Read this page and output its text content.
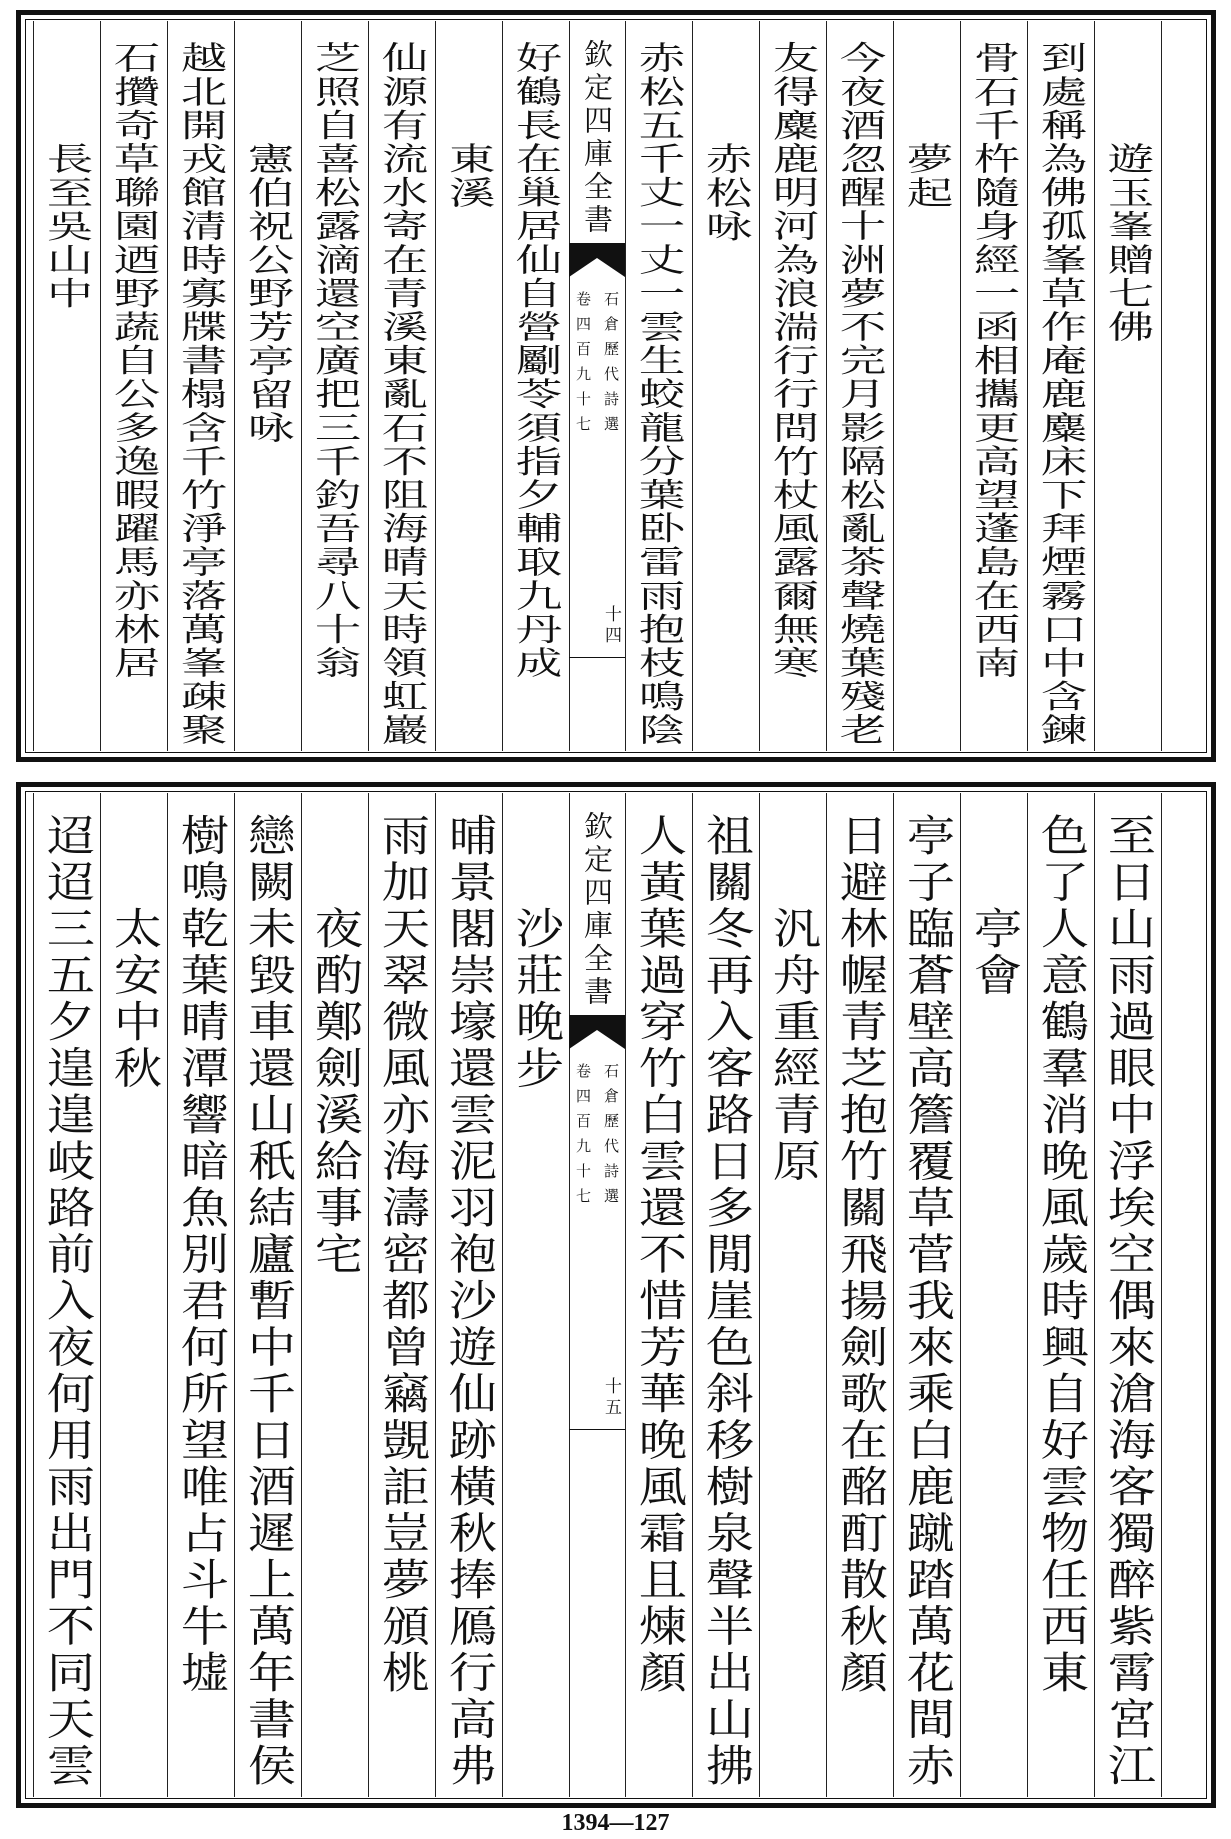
遊玉峯贈七佛
到處稱為佛孤峯草作庵鹿麋床下拜煙霧口中含鍊
骨石千杵隨身經一函相攜更高望蓬島在西南
夢起
今夜酒忽醒十洲夢不完月影隔松亂茶聲燒葉殘老
友得麋鹿明河為浪湍行行問竹杖風露爾無寒
赤松咏
赤松五千丈一丈一雲生蛟龍分葉卧雷雨抱枝鳴陰
好鶴長在巢居仙自營劚苓須指夕輔取九丹成
東溪
仙源有流水寄在青溪東亂石不阻海晴天時領虹巖
芝照自喜松露滴還空廣把三千釣吾尋八十翁
憲伯祝公野芳亭留咏
越北開戎館清時寡牒書榻含千竹淨亭落萬峯疎聚
石攢奇草聯園迺野蔬自公多逸暇躍馬亦林居
長至吳山中	欽定四庫全書
石倉歷代詩選
卷四百九十七
十四
至日山雨過眼中浮埃空偶來滄海客獨醉紫霄宮江
色了人意鶴羣消晚風歲時興自好雲物任西東
亭會
亭子臨蒼壁高簷覆草菅我來乘白鹿蹴踏萬花間赤
日避林幄青芝抱竹關飛揚劍歌在酩酊散秋顏
汎舟重經青原
祖關冬再入客路日多閒崖色斜移樹泉聲半出山拂
人黃葉過穿竹白雲還不惜芳華晚風霜且煉顏
沙莊晚步
晡景閣崇壕還雲泥羽袍沙遊仙跡橫秋捧鴈行高弗
雨加天翠微風亦海濤密都曾竊覬詎豈夢頒桃
夜酌鄭劍溪給事宅
戀闕未毀車還山秖結廬暫中千日酒遲上萬年書侯
樹鳴乾葉晴潭響暗魚別君何所望唯占斗牛墟
太安中秋
迢迢三五夕遑遑岐路前入夜何用雨出門不同天雲	欽定四庫全書
石倉歷代詩選
卷四百九十七
十五
1394—127
